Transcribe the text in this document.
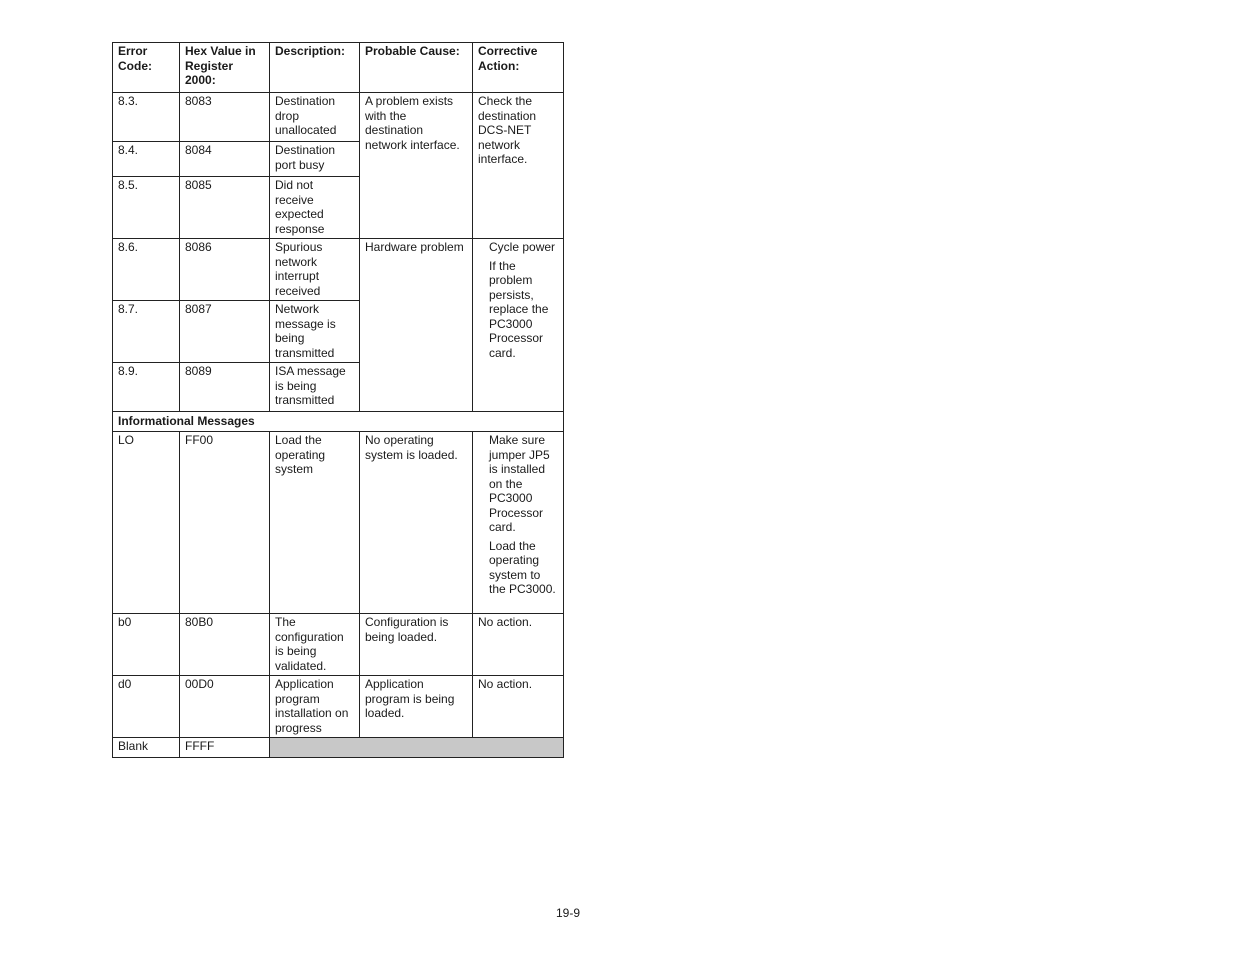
Error Code:	Hex Value in Register 2000:	Description:	Probable Cause:	Corrective Action:
8.3.	8083	Destination drop unallocated	A problem exists with the destination network interface.	Check the destination DCS-NET network interface.
8.4.	8084	Destination port busy		
8.5.	8085	Did not receive expected response		
8.6.	8086	Spurious network interrupt received	Hardware problem	Cycle power
If the problem persists, replace the PC3000 Processor card.

8.7.	8087	Network message is being transmitted		
8.9.	8089	ISA message is being transmitted		
Informational Messages				
LO	FF00	Load the operating system	No operating system is loaded.	Make sure jumper JP5 is installed on the PC3000 Processor card.
Load the operating system to the PC3000.

b0	80B0	The configuration is being validated.	Configuration is being loaded.	No action.
d0	00D0	Application program installation on progress	Application program is being loaded.	No action.
Blank	FFFF			
19-9
